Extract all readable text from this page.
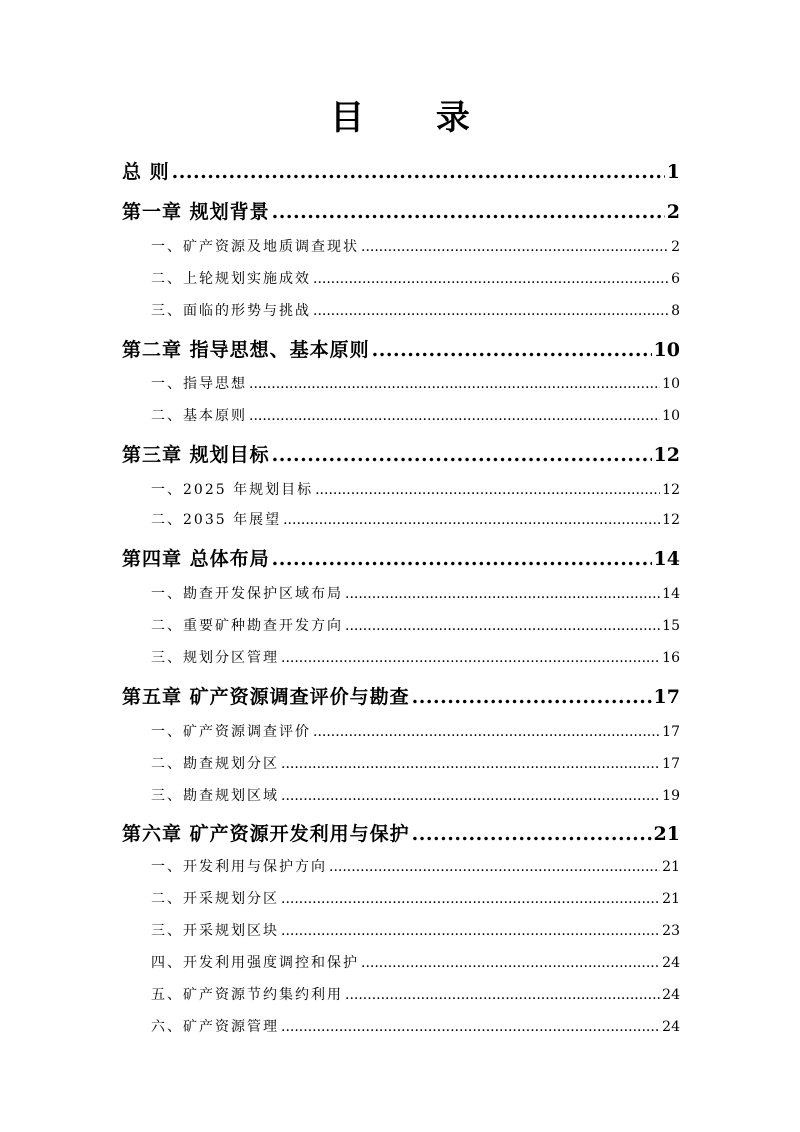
目 录
总 则 .....	1
第一章 规划背景 .....	2
一、矿产资源及地质调查现状 .....	2
二、上轮规划实施成效 .....	6
三、面临的形势与挑战 .....	8
第二章 指导思想、基本原则 .....	10
一、指导思想 .....	10
二、基本原则 .....	10
第三章 规划目标 .....	12
一、2025 年规划目标 .....	12
二、2035 年展望 .....	12
第四章 总体布局 .....	14
一、勘查开发保护区域布局 .....	14
二、重要矿种勘查开发方向 .....	15
三、规划分区管理 .....	16
第五章 矿产资源调查评价与勘查 .....	17
一、矿产资源调查评价 .....	17
二、勘查规划分区 .....	17
三、勘查规划区域 .....	19
第六章 矿产资源开发利用与保护 .....	21
一、开发利用与保护方向 .....	21
二、开采规划分区 .....	21
三、开采规划区块 .....	23
四、开发利用强度调控和保护 .....	24
五、矿产资源节约集约利用 .....	24
六、矿产资源管理 .....	24
